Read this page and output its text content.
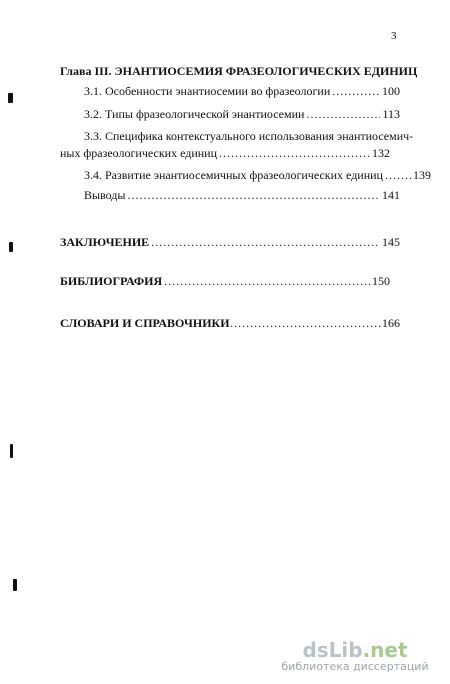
3
Глава III. ЭНАНТИОСЕМИЯ ФРАЗЕОЛОГИЧЕСКИХ ЕДИНИЦ
3.1. Особенности энантиосемии во фразеологии .....	100
3.2. Типы фразеологической энантиосемии .....	113
3.3. Специфика контекстуального использования энантиосемич-
ных фразеологических единиц .....	132
3.4. Развитие энантиосемичных фразеологических единиц .....	139
Выводы .....	141
ЗАКЛЮЧЕНИЕ .....	145
БИБЛИОГРАФИЯ .....	150
СЛОВАРИ И СПРАВОЧНИКИ ……………………………………………………………………………………………………………	166
dsLib.net
библиотека диссертаций
